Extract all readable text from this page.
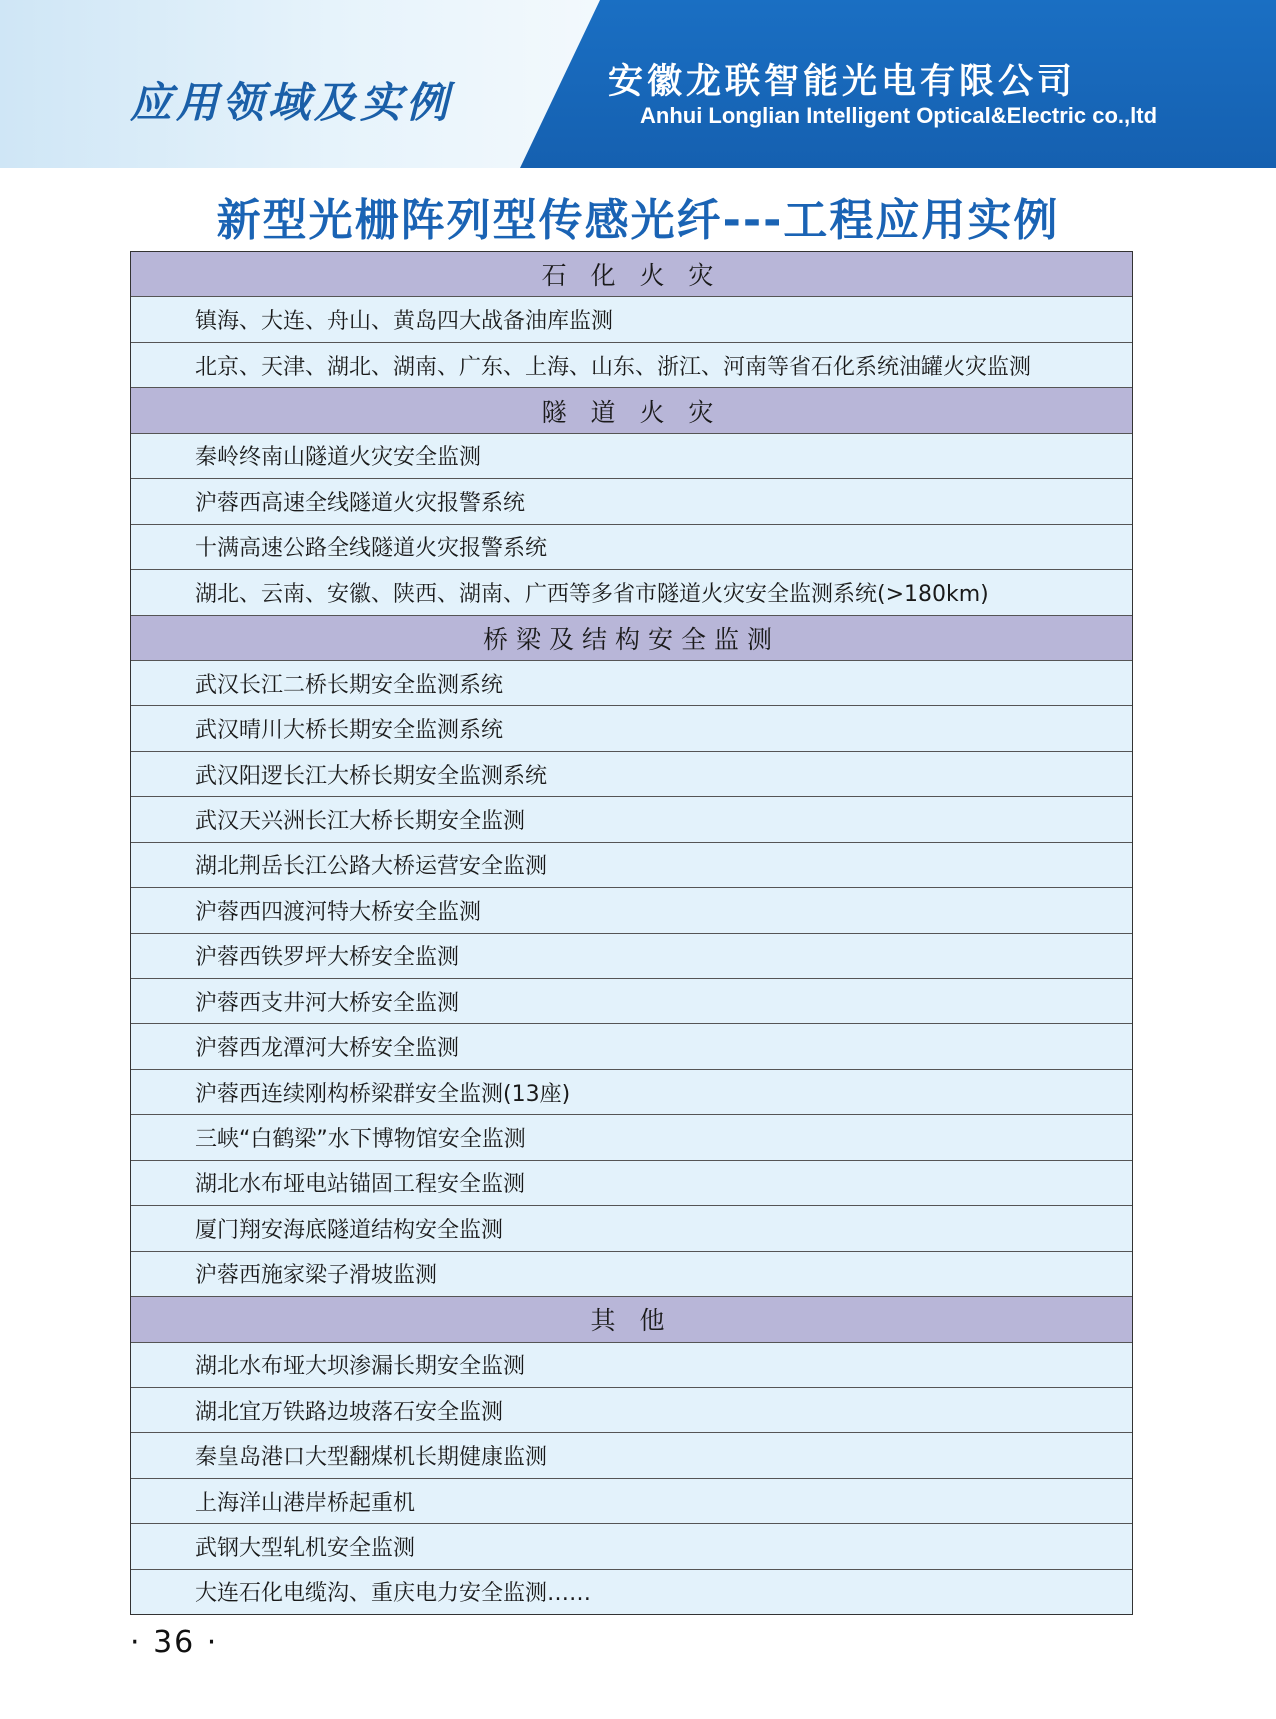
应用领域及实例	安徽龙联智能光电有限公司
Anhui Longlian Intelligent Optical&Electric co.,ltd
新型光栅阵列型传感光纤---工程应用实例
石 化 火 灾
镇海、大连、舟山、黄岛四大战备油库监测
北京、天津、湖北、湖南、广东、上海、山东、浙江、河南等省石化系统油罐火灾监测
隧 道 火 灾
秦岭终南山隧道火灾安全监测
沪蓉西高速全线隧道火灾报警系统
十满高速公路全线隧道火灾报警系统
湖北、云南、安徽、陕西、湖南、广西等多省市隧道火灾安全监测系统(>180km)
桥梁及结构安全监测
武汉长江二桥长期安全监测系统
武汉晴川大桥长期安全监测系统
武汉阳逻长江大桥长期安全监测系统
武汉天兴洲长江大桥长期安全监测
湖北荆岳长江公路大桥运营安全监测
沪蓉西四渡河特大桥安全监测
沪蓉西铁罗坪大桥安全监测
沪蓉西支井河大桥安全监测
沪蓉西龙潭河大桥安全监测
沪蓉西连续刚构桥梁群安全监测(13座)
三峡“白鹤梁”水下博物馆安全监测
湖北水布垭电站锚固工程安全监测
厦门翔安海底隧道结构安全监测
沪蓉西施家梁子滑坡监测
其 他
湖北水布垭大坝渗漏长期安全监测
湖北宜万铁路边坡落石安全监测
秦皇岛港口大型翻煤机长期健康监测
上海洋山港岸桥起重机
武钢大型轧机安全监测
大连石化电缆沟、重庆电力安全监测……
· 36 ·
